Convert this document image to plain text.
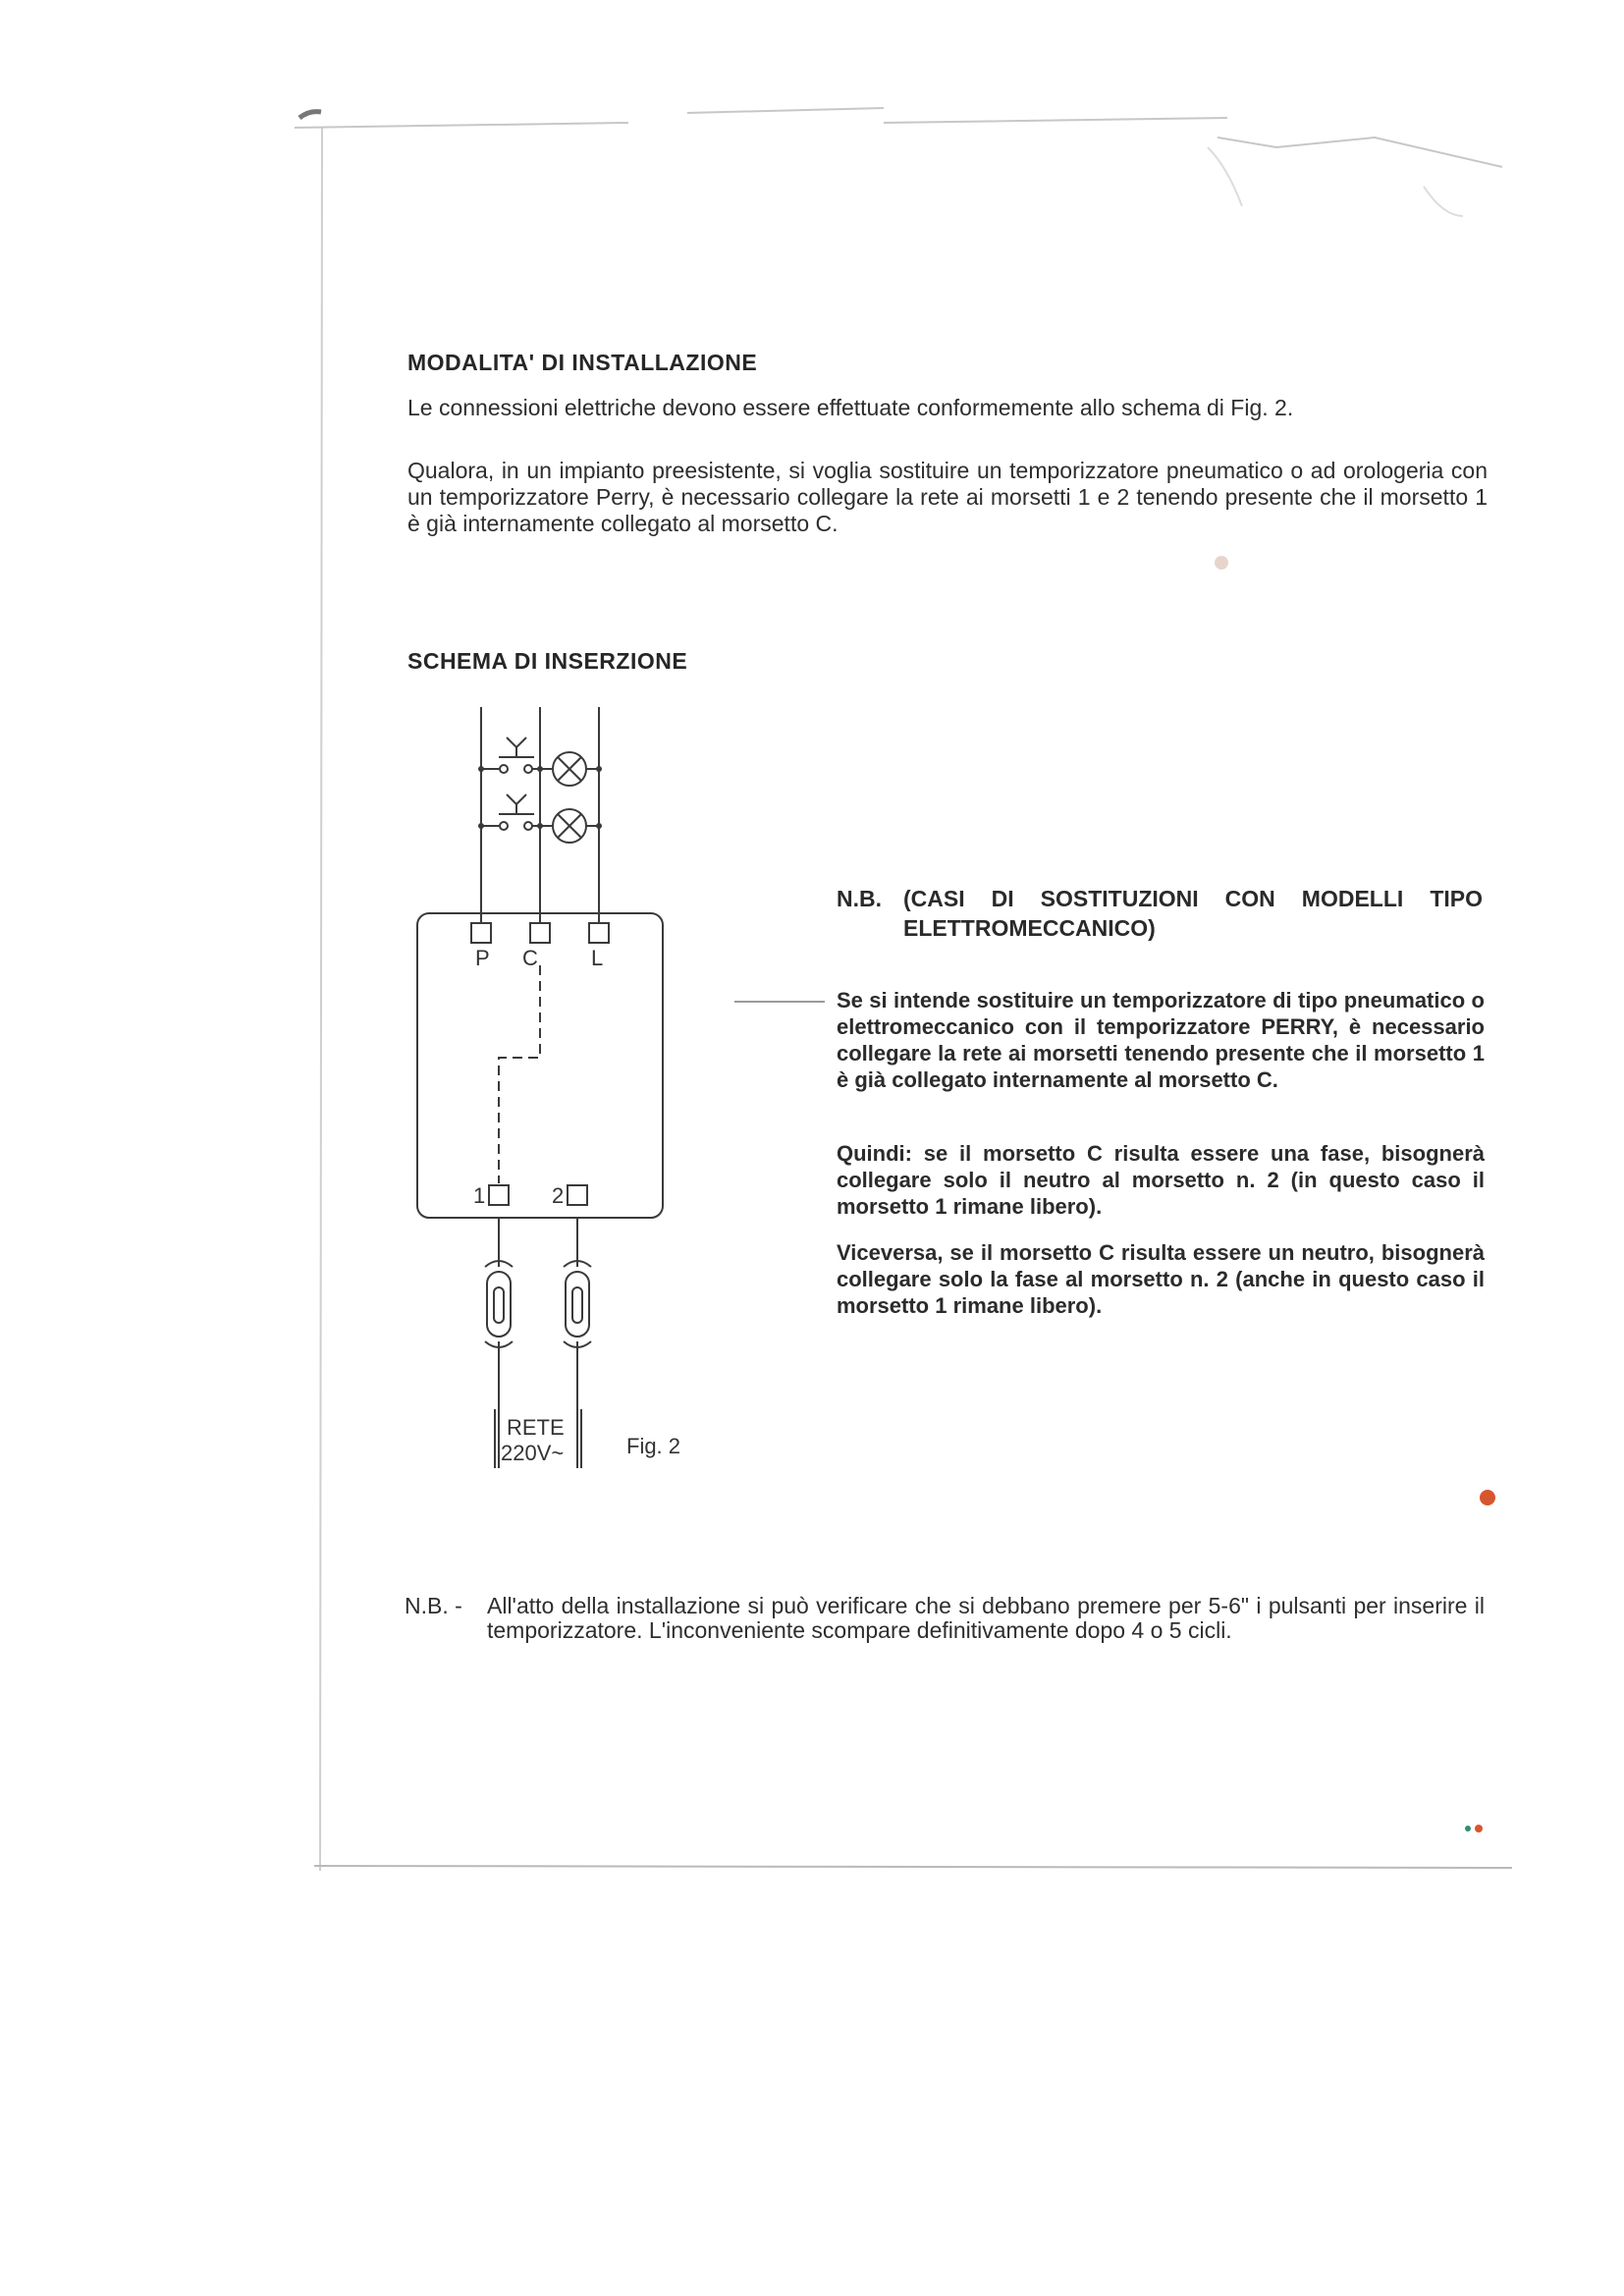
MODALITA' DI INSTALLAZIONE
Le connessioni elettriche devono essere effettuate conformemente allo schema di Fig. 2.
Qualora, in un impianto preesistente, si voglia sostituire un temporizzatore pneumatico o ad orologeria con un temporizzatore Perry, è necessario collegare la rete ai morsetti 1 e 2 tenendo presente che il morsetto 1 è già internamente collegato al morsetto C.
SCHEMA DI INSERZIONE
P C L
1	2
RETE
220V~	Fig. 2
N.B. (CASI DI SOSTITUZIONI CON MODELLI TIPO ELETTROMECCANICO)
Se si intende sostituire un temporizzatore di tipo pneumatico o elettromeccanico con il temporizzatore PERRY, è necessario collegare la rete ai morsetti tenendo presente che il morsetto 1 è già collegato internamente al morsetto C.
Quindi: se il morsetto C risulta essere una fase, bisognerà collegare solo il neutro al morsetto n. 2 (in questo caso il morsetto 1 rimane libero).
Viceversa, se il morsetto C risulta essere un neutro, bisognerà collegare solo la fase al morsetto n. 2 (anche in questo caso il morsetto 1 rimane libero).
N.B. - All'atto della installazione si può verificare che si debbano premere per 5-6" i pulsanti per inserire il temporizzatore. L'inconveniente scompare definitivamente dopo 4 o 5 cicli.
